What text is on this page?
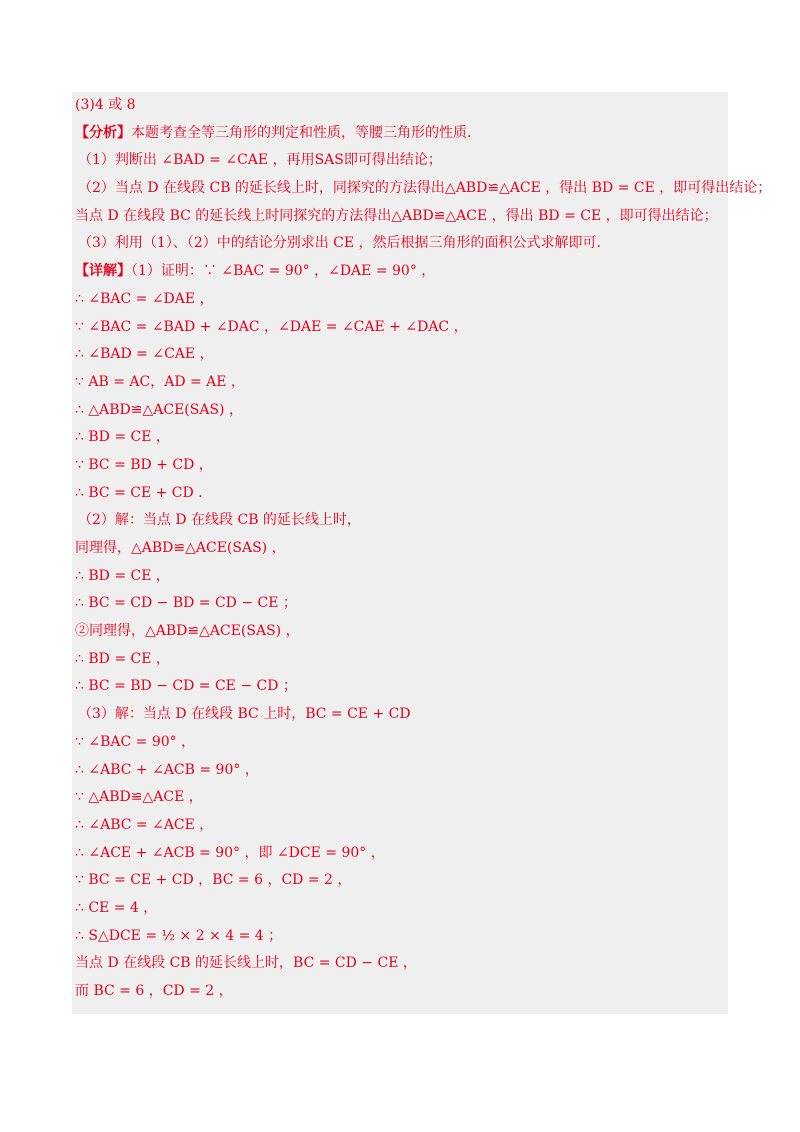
(3)4 或 8
【分析】本题考查全等三角形的判定和性质，等腰三角形的性质．
（1）判断出 ∠BAD = ∠CAE ，再用SAS即可得出结论；
（2）当点 D 在线段 CB 的延长线上时，同探究的方法得出△ABD≌△ACE ，得出 BD = CE ，即可得出结论；
当点 D 在线段 BC 的延长线上时同探究的方法得出△ABD≌△ACE ，得出 BD = CE ，即可得出结论；
（3）利用（1）、（2）中的结论分别求出 CE ，然后根据三角形的面积公式求解即可．
【详解】（1）证明：∵ ∠BAC = 90° ，∠DAE = 90° ，
∴ ∠BAC = ∠DAE ，
∵ ∠BAC = ∠BAD + ∠DAC ，∠DAE = ∠CAE + ∠DAC ，
∴ ∠BAD = ∠CAE ，
∵ AB = AC，AD = AE ，
∴ △ABD≌△ACE(SAS) ，
∴ BD = CE ，
∵ BC = BD + CD ，
∴ BC = CE + CD ．
（2）解：当点 D 在线段 CB 的延长线上时，
同理得，△ABD≌△ACE(SAS) ，
∴ BD = CE ，
∴ BC = CD − BD = CD − CE ；
②同理得，△ABD≌△ACE(SAS) ，
∴ BD = CE ，
∴ BC = BD − CD = CE − CD ；
（3）解：当点 D 在线段 BC 上时，BC = CE + CD
∵ ∠BAC = 90° ，
∴ ∠ABC + ∠ACB = 90° ，
∵ △ABD≌△ACE ，
∴ ∠ABC = ∠ACE ，
∴ ∠ACE + ∠ACB = 90° ，即 ∠DCE = 90° ，
∵ BC = CE + CD ，BC = 6 ，CD = 2 ，
∴ CE = 4 ，
∴ S△DCE = ½ × 2 × 4 = 4 ；
当点 D 在线段 CB 的延长线上时，BC = CD − CE ，
而 BC = 6 ，CD = 2 ，
